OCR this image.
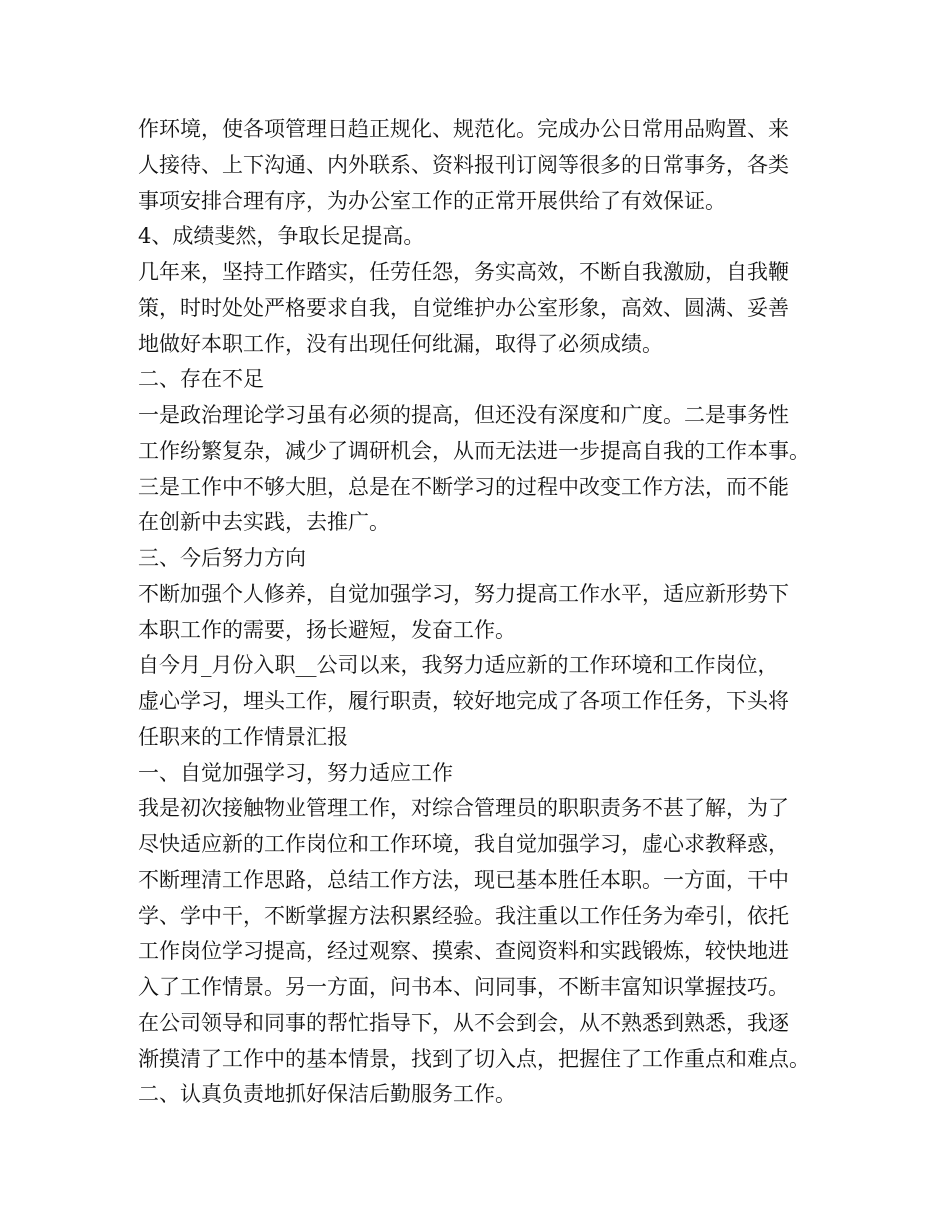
作环境，使各项管理日趋正规化、规范化。完成办公日常用品购置、来
人接待、上下沟通、内外联系、资料报刊订阅等很多的日常事务，各类
事项安排合理有序，为办公室工作的正常开展供给了有效保证。
4、成绩斐然，争取长足提高。
几年来，坚持工作踏实，任劳任怨，务实高效，不断自我激励，自我鞭
策，时时处处严格要求自我，自觉维护办公室形象，高效、圆满、妥善
地做好本职工作，没有出现任何纰漏，取得了必须成绩。
二、存在不足
一是政治理论学习虽有必须的提高，但还没有深度和广度。二是事务性
工作纷繁复杂，减少了调研机会，从而无法进一步提高自我的工作本事。
三是工作中不够大胆，总是在不断学习的过程中改变工作方法，而不能
在创新中去实践，去推广。
三、今后努力方向
不断加强个人修养，自觉加强学习，努力提高工作水平，适应新形势下
本职工作的需要，扬长避短，发奋工作。
自今月_月份入职__公司以来，我努力适应新的工作环境和工作岗位，
虚心学习，埋头工作，履行职责，较好地完成了各项工作任务，下头将
任职来的工作情景汇报
一、自觉加强学习，努力适应工作
我是初次接触物业管理工作，对综合管理员的职职责务不甚了解，为了
尽快适应新的工作岗位和工作环境，我自觉加强学习，虚心求教释惑，
不断理清工作思路，总结工作方法，现已基本胜任本职。一方面，干中
学、学中干，不断掌握方法积累经验。我注重以工作任务为牵引，依托
工作岗位学习提高，经过观察、摸索、查阅资料和实践锻炼，较快地进
入了工作情景。另一方面，问书本、问同事，不断丰富知识掌握技巧。
在公司领导和同事的帮忙指导下，从不会到会，从不熟悉到熟悉，我逐
渐摸清了工作中的基本情景，找到了切入点，把握住了工作重点和难点。
二、认真负责地抓好保洁后勤服务工作。
